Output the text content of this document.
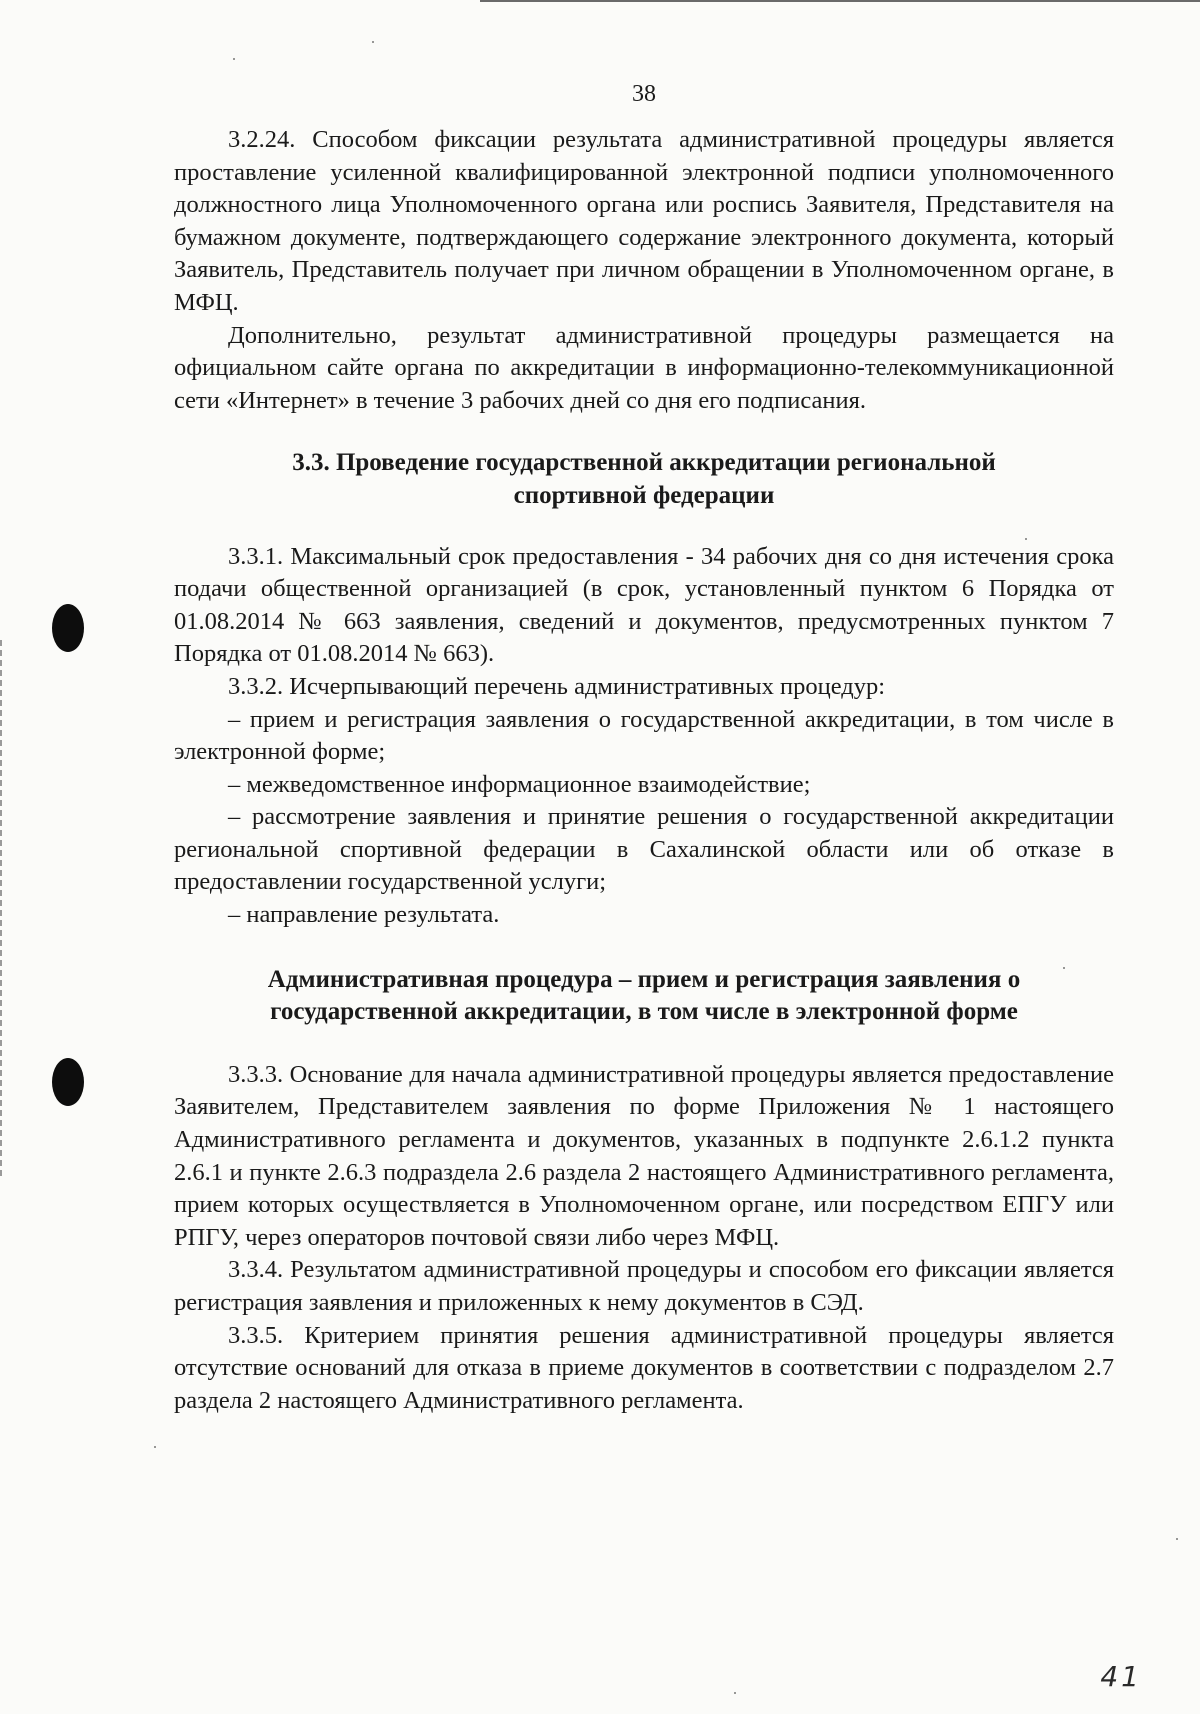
38

3.2.24. Способом фиксации результата административной процедуры является проставление усиленной квалифицированной электронной подписи уполномоченного должностного лица Уполномоченного органа или роспись Заявителя, Представителя на бумажном документе, подтверждающего содержание электронного документа, который Заявитель, Представитель получает при личном обращении в Уполномоченном органе, в МФЦ.

Дополнительно, результат административной процедуры размещается на официальном сайте органа по аккредитации в информационно-телекоммуникационной сети «Интернет» в течение 3 рабочих дней со дня его подписания.

3.3. Проведение государственной аккредитации региональной спортивной федерации

3.3.1. Максимальный срок предоставления - 34 рабочих дня со дня истечения срока подачи общественной организацией (в срок, установленный пунктом 6 Порядка от 01.08.2014 № 663 заявления, сведений и документов, предусмотренных пунктом 7 Порядка от 01.08.2014 № 663).

3.3.2. Исчерпывающий перечень административных процедур:

– прием и регистрация заявления о государственной аккредитации, в том числе в электронной форме;

– межведомственное информационное взаимодействие;

– рассмотрение заявления и принятие решения о государственной аккредитации региональной спортивной федерации в Сахалинской области или об отказе в предоставлении государственной услуги;

– направление результата.

Административная процедура – прием и регистрация заявления о государственной аккредитации, в том числе в электронной форме

3.3.3. Основание для начала административной процедуры является предоставление Заявителем, Представителем заявления по форме Приложения № 1 настоящего Административного регламента и документов, указанных в подпункте 2.6.1.2 пункта 2.6.1 и пункте 2.6.3 подраздела 2.6 раздела 2 настоящего Административного регламента, прием которых осуществляется в Уполномоченном органе, или посредством ЕПГУ или РПГУ, через операторов почтовой связи либо через МФЦ.

3.3.4. Результатом административной процедуры и способом его фиксации является регистрация заявления и приложенных к нему документов в СЭД.

3.3.5. Критерием принятия решения административной процедуры является отсутствие оснований для отказа в приеме документов в соответствии с подразделом 2.7 раздела 2 настоящего Административного регламента.

41
